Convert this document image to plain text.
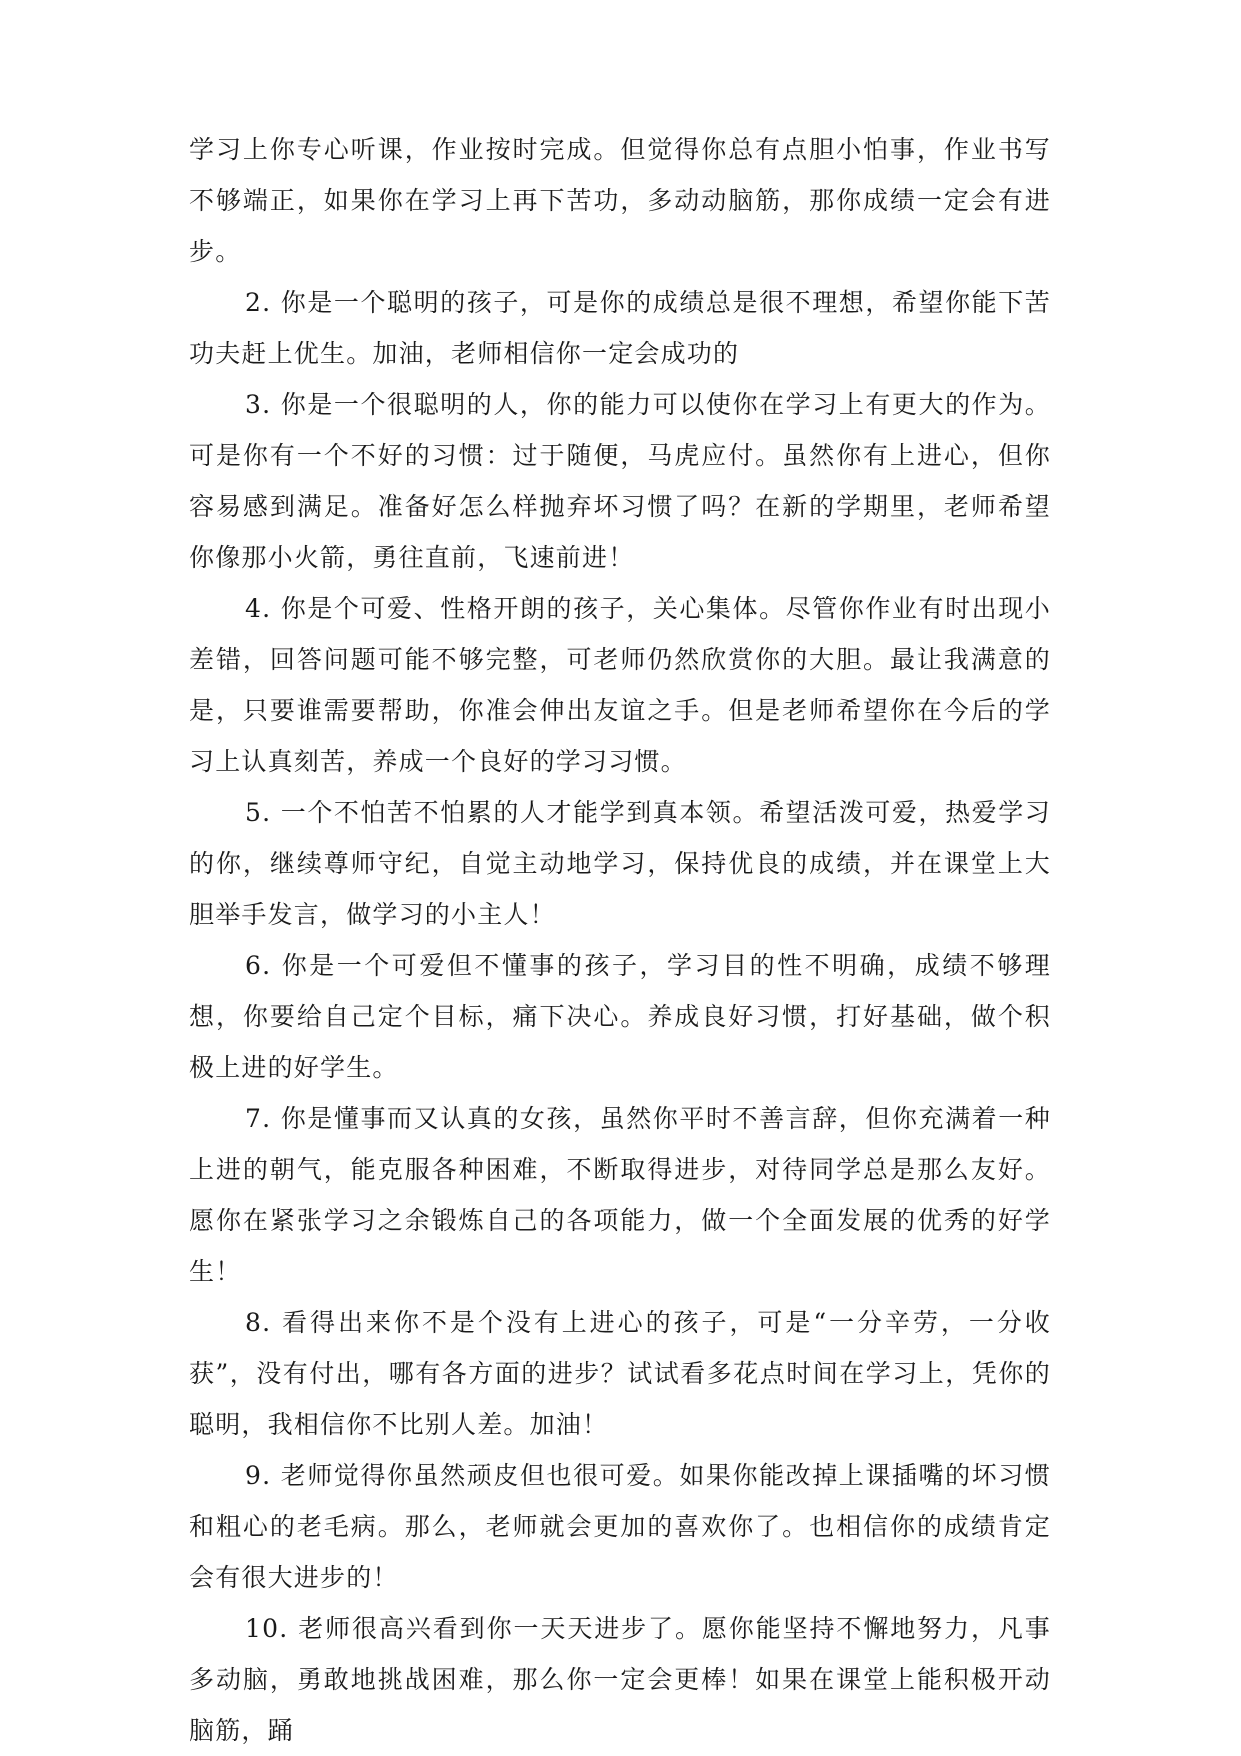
学习上你专心听课，作业按时完成。但觉得你总有点胆小怕事，作业书写不够端正，如果你在学习上再下苦功，多动动脑筋，那你成绩一定会有进步。

2. 你是一个聪明的孩子，可是你的成绩总是很不理想，希望你能下苦功夫赶上优生。加油，老师相信你一定会成功的

3. 你是一个很聪明的人，你的能力可以使你在学习上有更大的作为。可是你有一个不好的习惯：过于随便，马虎应付。虽然你有上进心，但你容易感到满足。准备好怎么样抛弃坏习惯了吗？在新的学期里，老师希望你像那小火箭，勇往直前，飞速前进！

4. 你是个可爱、性格开朗的孩子，关心集体。尽管你作业有时出现小差错，回答问题可能不够完整，可老师仍然欣赏你的大胆。最让我满意的是，只要谁需要帮助，你准会伸出友谊之手。但是老师希望你在今后的学习上认真刻苦，养成一个良好的学习习惯。

5. 一个不怕苦不怕累的人才能学到真本领。希望活泼可爱，热爱学习的你，继续尊师守纪，自觉主动地学习，保持优良的成绩，并在课堂上大胆举手发言，做学习的小主人！

6. 你是一个可爱但不懂事的孩子，学习目的性不明确，成绩不够理想，你要给自己定个目标，痛下决心。养成良好习惯，打好基础，做个积极上进的好学生。

7. 你是懂事而又认真的女孩，虽然你平时不善言辞，但你充满着一种上进的朝气，能克服各种困难，不断取得进步，对待同学总是那么友好。愿你在紧张学习之余锻炼自己的各项能力，做一个全面发展的优秀的好学生！

8. 看得出来你不是个没有上进心的孩子，可是“一分辛劳，一分收获”，没有付出，哪有各方面的进步？试试看多花点时间在学习上，凭你的聪明，我相信你不比别人差。加油！

9. 老师觉得你虽然顽皮但也很可爱。如果你能改掉上课插嘴的坏习惯和粗心的老毛病。那么，老师就会更加的喜欢你了。也相信你的成绩肯定会有很大进步的！

10. 老师很高兴看到你一天天进步了。愿你能坚持不懈地努力，凡事多动脑，勇敢地挑战困难，那么你一定会更棒！如果在课堂上能积极开动脑筋，踊
